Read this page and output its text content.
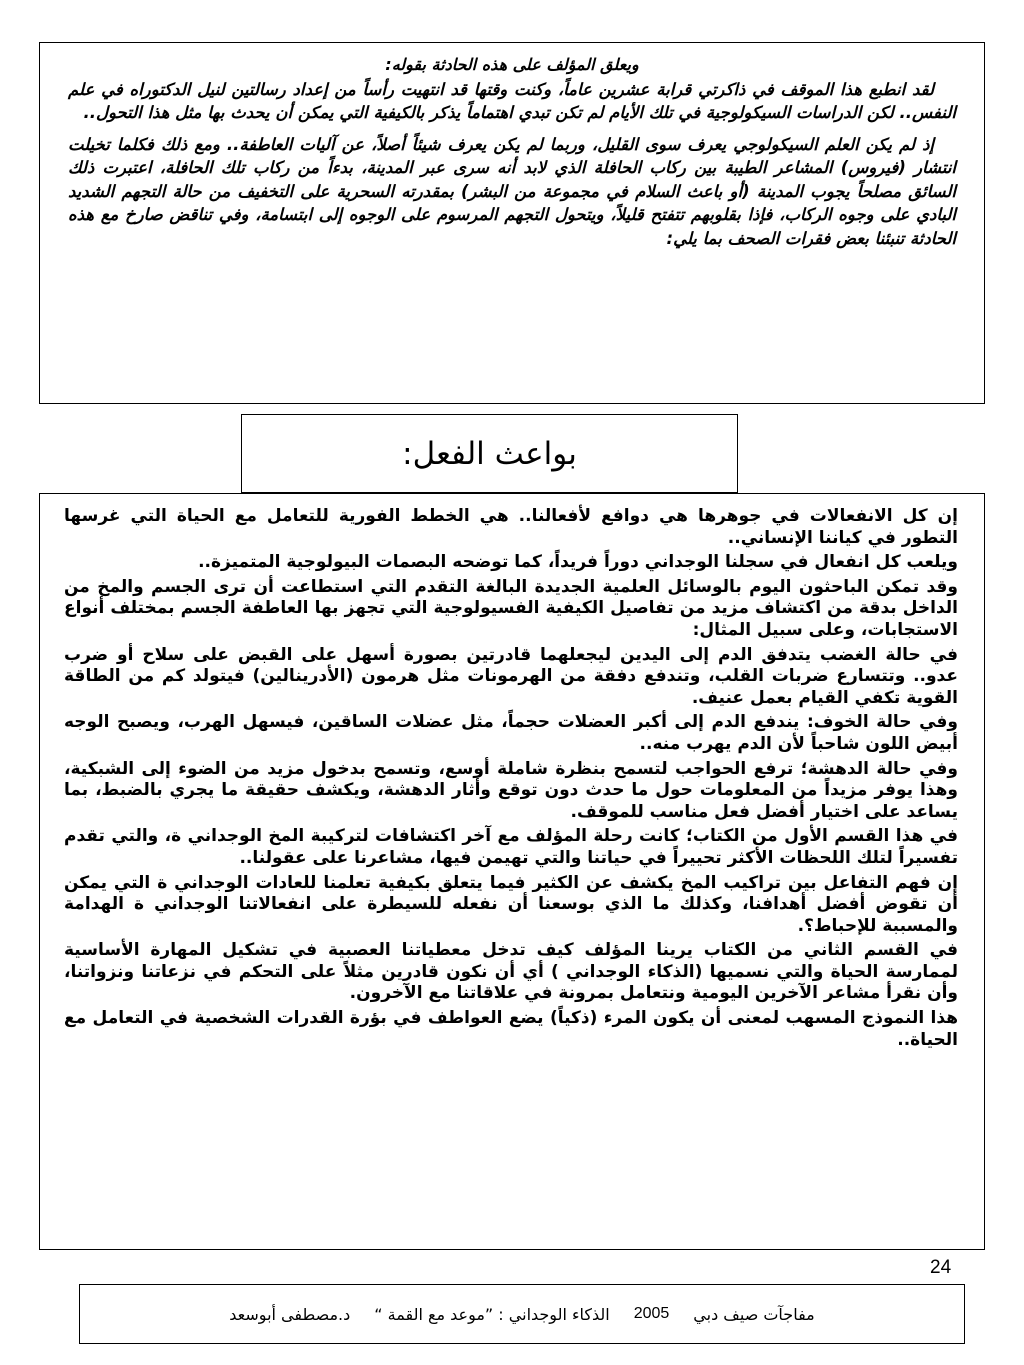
ويعلق المؤلف على هذه الحادثة بقوله:

لقد انطبع هذا الموقف في ذاكرتي قرابة عشرين عاماً، وكنت وقتها قد انتهيت رأساً من إعداد رسالتين لنيل الدكتوراه في علم النفس.. لكن الدراسات السيكولوجية في تلك الأيام لم تكن تبدي اهتماماً يذكر بالكيفية التي يمكن أن يحدث بها مثل هذا التحول..

إذ لم يكن العلم السيكولوجي يعرف سوى القليل، وربما لم يكن يعرف شيئاً أصلاً، عن آليات العاطفة.. ومع ذلك فكلما تخيلت انتشار (فيروس) المشاعر الطيبة بين ركاب الحافلة الذي لابد أنه سرى عبر المدينة، بدءاً من ركاب تلك الحافلة، اعتبرت ذلك السائق مصلحاً يجوب المدينة (أو باعث السلام في مجموعة من البشر) بمقدرته السحرية على التخفيف من حالة التجهم الشديد البادي على وجوه الركاب، فإذا بقلوبهم تتفتح قليلاً، ويتحول التجهم المرسوم على الوجوه إلى ابتسامة، وفي تناقض صارخ مع هذه الحادثة تنبئنا بعض فقرات الصحف بما يلي:

بواعث الفعل:

إن كل الانفعالات في جوهرها هي دوافع لأفعالنا.. هي الخطط الفورية للتعامل مع الحياة التي غرسها التطور في كياننا الإنساني..

ويلعب كل انفعال في سجلنا الوجداني دوراً فريداً، كما توضحه البصمات البيولوجية المتميزة..

وقد تمكن الباحثون اليوم بالوسائل العلمية الجديدة البالغة التقدم التي استطاعت أن ترى الجسم والمخ من الداخل بدقة من اكتشاف مزيد من تفاصيل الكيفية الفسيولوجية التي تجهز بها العاطفة الجسم بمختلف أنواع الاستجابات، وعلى سبيل المثال:

في حالة الغضب يتدفق الدم إلى اليدين ليجعلهما قادرتين بصورة أسهل على القبض على سلاح أو ضرب عدو.. وتتسارع ضربات القلب، وتندفع دفقة من الهرمونات مثل هرمون (الأدرينالين) فيتولد كم من الطاقة القوية تكفي القيام بعمل عنيف.

وفي حالة الخوف: يندفع الدم إلى أكبر العضلات حجماً، مثل عضلات الساقين، فيسهل الهرب، ويصبح الوجه أبيض اللون شاحباً لأن الدم يهرب منه..

وفي حالة الدهشة؛ ترفع الحواجب لتسمح بنظرة شاملة أوسع، وتسمح بدخول مزيد من الضوء إلى الشبكية، وهذا يوفر مزيداً من المعلومات حول ما حدث دون توقع وأثار الدهشة، ويكشف حقيقة ما يجري بالضبط، بما يساعد على اختيار أفضل فعل مناسب للموقف.

في هذا القسم الأول من الكتاب؛ كانت رحلة المؤلف مع آخر اكتشافات لتركيبة المخ الوجداني ة، والتي تقدم تفسيراً لتلك اللحظات الأكثر تحييراً في حياتنا والتي تهيمن فيها، مشاعرنا على عقولنا..

إن فهم التفاعل بين تراكيب المخ يكشف عن الكثير فيما يتعلق بكيفية تعلمنا للعادات الوجداني ة التي يمكن أن تقوض أفضل أهدافنا، وكذلك ما الذي بوسعنا أن نفعله للسيطرة على انفعالاتنا الوجداني ة الهدامة والمسببة للإحباط؟.

في القسم الثاني من الكتاب يرينا المؤلف كيف تدخل معطياتنا العصبية في تشكيل المهارة الأساسية لممارسة الحياة والتي نسميها (الذكاء الوجداني ) أي أن نكون قادرين مثلاً على التحكم في نزعاتنا ونزواتنا، وأن نقرأ مشاعر الآخرين اليومية ونتعامل بمرونة في علاقاتنا مع الآخرون.

هذا النموذج المسهب لمعنى أن يكون المرء (ذكياً) يضع العواطف في بؤرة القدرات الشخصية في التعامل مع الحياة..

24
مفاجآت صيف دبي
2005
الذكاء الوجداني : ”موعد مع القمة “
د.مصطفى أبوسعد
